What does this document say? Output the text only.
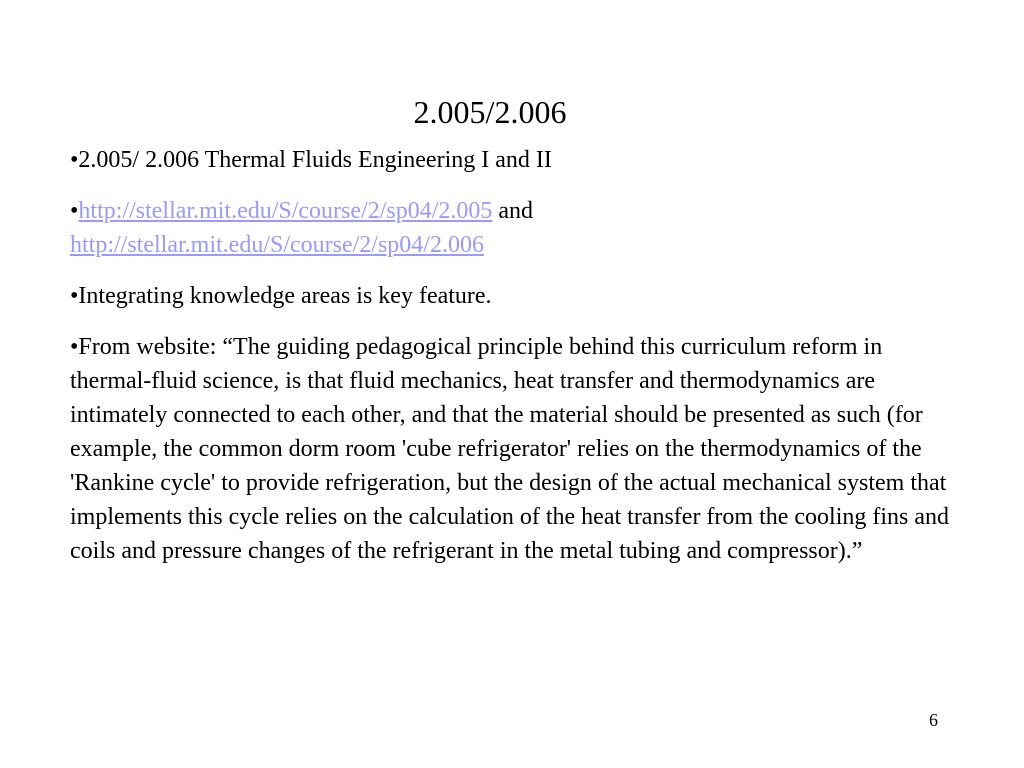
2.005/2.006

•2.005/ 2.006 Thermal Fluids Engineering I and II

•http://stellar.mit.edu/S/course/2/sp04/2.005 and

http://stellar.mit.edu/S/course/2/sp04/2.006

•Integrating knowledge areas is key feature.

•From website: “The guiding pedagogical principle behind this curriculum reform in thermal-fluid science, is that fluid mechanics, heat transfer and thermodynamics are intimately connected to each other, and that the material should be presented as such (for example, the common dorm room 'cube refrigerator' relies on the thermodynamics of the 'Rankine cycle' to provide refrigeration, but the design of the actual mechanical system that implements this cycle relies on the calculation of the heat transfer from the cooling fins and coils and pressure changes of the refrigerant in the metal tubing and compressor).”

6
